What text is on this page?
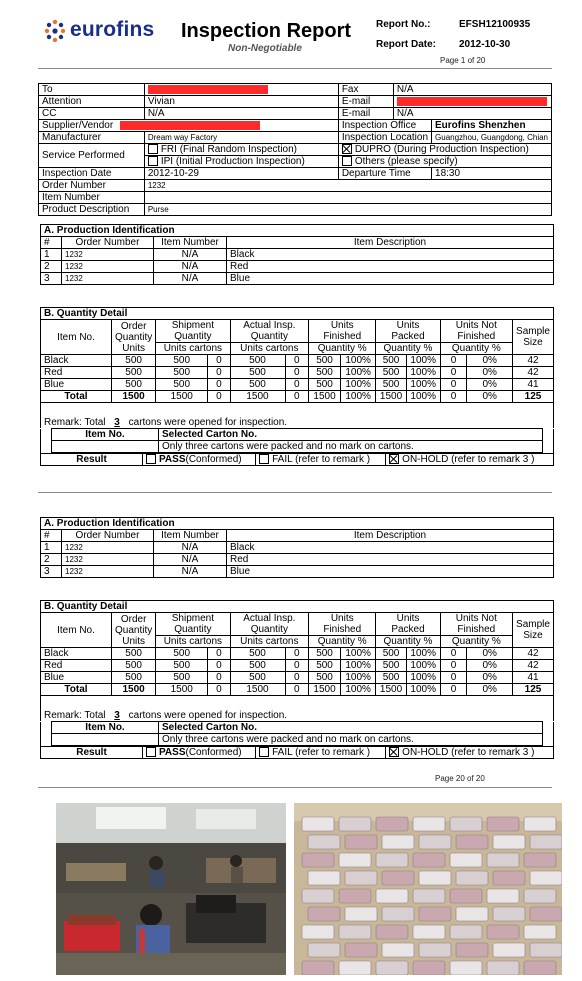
eurofins Inspection Report
Non-Negotiable
Report No.:	EFSH12100935
Report Date: 2012-10-30
Page 1 of 20
To		Fax	N/A	
Attention	Vivian	E-mail		
CC	N/A	E-mail	N/A	
Supplier/Vendor		Inspection Office		Eurofins Shenzhen
Manufacturer	Dream way Factory	Inspection Location		Guangzhou, Guangdong, Chian
Service Performed	FRI (Final Random Inspection)	DUPRO (During Production Inspection)		
	IPI (Initial Production Inspection)	Others (please specify)		
Inspection Date	2012-10-29	Departure Time		18:30
Order Number	1232			
Item Number				
Product Description	Purse			
A. Production Identification			
#	Order Number	Item Number	Item Description
1	1232	N/A	Black
2	1232	N/A	Red
3	1232	N/A	Blue
B. Quantity Detail												
Item No.	Order Quantity Units	Shipment Quantity		Actual Insp. Quantity		Units Finished		Units Packed		Units Not Finished		Sample Size
		Units cartons		Units cartons		Quantity %		Quantity %		Quantity %		
Black	500	500	0	500	0	500	100%	500	100%	0	0%	42
Red	500	500	0	500	0	500	100%	500	100%	0	0%	42
Blue	500	500	0	500	0	500	100%	500	100%	0	0%	41
Total	1500	1500	0	1500	0	1500	100%	1500	100%	0	0%	125
Remark: Total 3 cartons were opened for inspection.
	Item No.	Selected Carton No.	
		Only three cartons were packed and no mark on cartons.	
Result	PASS(Conformed)	FAIL (refer to remark )	ON-HOLD (refer to remark 3 )
A. Production Identification			
#	Order Number	Item Number	Item Description
1	1232	N/A	Black
2	1232	N/A	Red
3	1232	N/A	Blue
B. Quantity Detail												
Item No.	Order Quantity Units	Shipment Quantity		Actual Insp. Quantity		Units Finished		Units Packed		Units Not Finished		Sample Size
		Units cartons		Units cartons		Quantity %		Quantity %		Quantity %		
Black	500	500	0	500	0	500	100%	500	100%	0	0%	42
Red	500	500	0	500	0	500	100%	500	100%	0	0%	42
Blue	500	500	0	500	0	500	100%	500	100%	0	0%	41
Total	1500	1500	0	1500	0	1500	100%	1500	100%	0	0%	125
Remark: Total 3 cartons were opened for inspection.
	Item No.	Selected Carton No.	
		Only three cartons were packed and no mark on cartons.	
Result	PASS(Conformed)	FAIL (refer to remark )	ON-HOLD (refer to remark 3 )
Page 20 of 20
